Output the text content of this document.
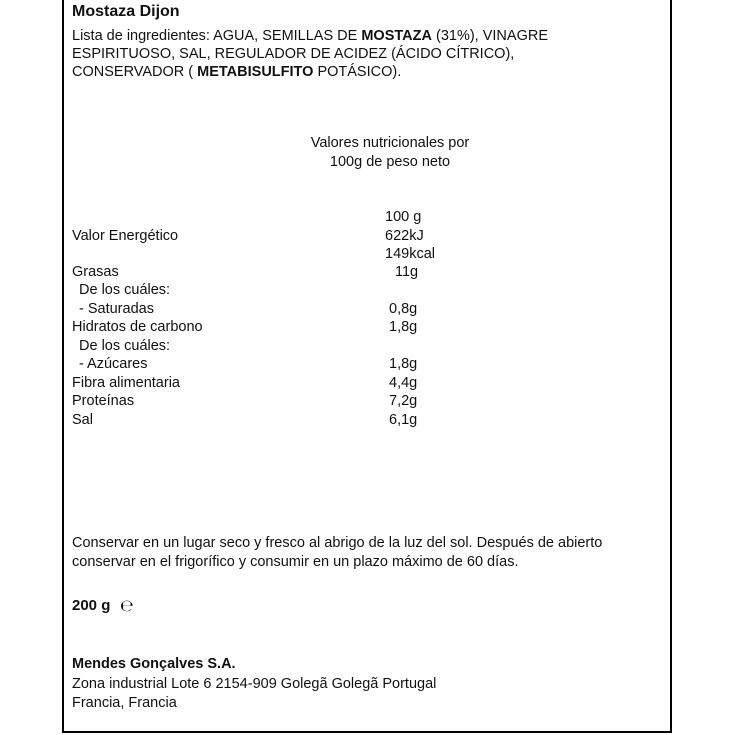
Mostaza Dijon
Lista de ingredientes: AGUA, SEMILLAS DE MOSTAZA (31%), VINAGRE
ESPIRITUOSO, SAL, REGULADOR DE ACIDEZ (ÁCIDO CÍTRICO),
CONSERVADOR ( METABISULFITO POTÁSICO).
Valores nutricionales por
100g de peso neto
100 g
Valor Energético	622kJ
149kcal
Grasas	11g
De los cuáles:
- Saturadas	0,8g
Hidratos de carbono	1,8g
De los cuáles:
- Azúcares	1,8g
Fibra alimentaria	4,4g
Proteínas	7,2g
Sal	6,1g
Conservar en un lugar seco y fresco al abrigo de la luz del sol. Después de abierto
conservar en el frigorífico y consumir en un plazo máximo de 60 días.
200 g ℮
Mendes Gonçalves S.A.
Zona industrial Lote 6 2154-909 Golegã Golegã Portugal
Francia, Francia
